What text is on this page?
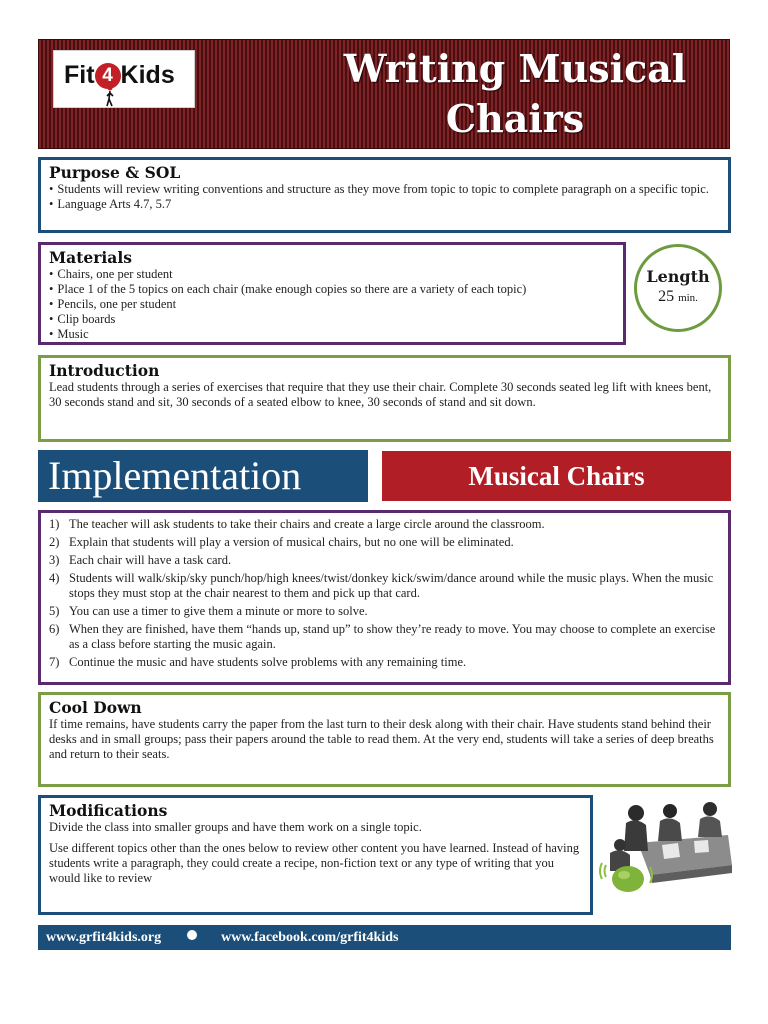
Fit 4 Kids	Writing Musical Chairs
Purpose & SOL
• Students will review writing conventions and structure as they move from topic to topic to complete paragraph on a specific topic.
• Language Arts 4.7, 5.7
Materials
• Chairs, one per student
• Place 1 of the 5 topics on each chair (make enough copies so there are a variety of each topic)
• Pencils, one per student
• Clip boards
• Music
Length
25 min.
Introduction

Lead students through a series of exercises that require that they use their chair. Complete 30 seconds seated leg lift with knees bent, 30 seconds stand and sit, 30 seconds of a seated elbow to knee, 30 seconds of stand and sit down.

Implementation	Musical Chairs
1) The teacher will ask students to take their chairs and create a large circle around the classroom.
2) Explain that students will play a version of musical chairs, but no one will be eliminated.
3) Each chair will have a task card.
4) Students will walk/skip/sky punch/hop/high knees/twist/donkey kick/swim/dance around while the music plays. When the music stops they must stop at the chair nearest to them and pick up that card.
5) You can use a timer to give them a minute or more to solve.
6) When they are finished, have them “hands up, stand up” to show they’re ready to move. You may choose to complete an exercise as a class before starting the music again.
7) Continue the music and have students solve problems with any remaining time.
Cool Down

If time remains, have students carry the paper from the last turn to their desk along with their chair. Have students stand behind their desks and in small groups; pass their papers around the table to read them. At the very end, students will take a series of deep breaths and return to their seats.

Modifications

Divide the class into smaller groups and have them work on a single topic.

Use different topics other than the ones below to review other content you have learned. Instead of having students write a paragraph, they could create a recipe, non-fiction text or any type of writing that you would like to review

www.grfit4kids.org	www.facebook.com/grfit4kids
